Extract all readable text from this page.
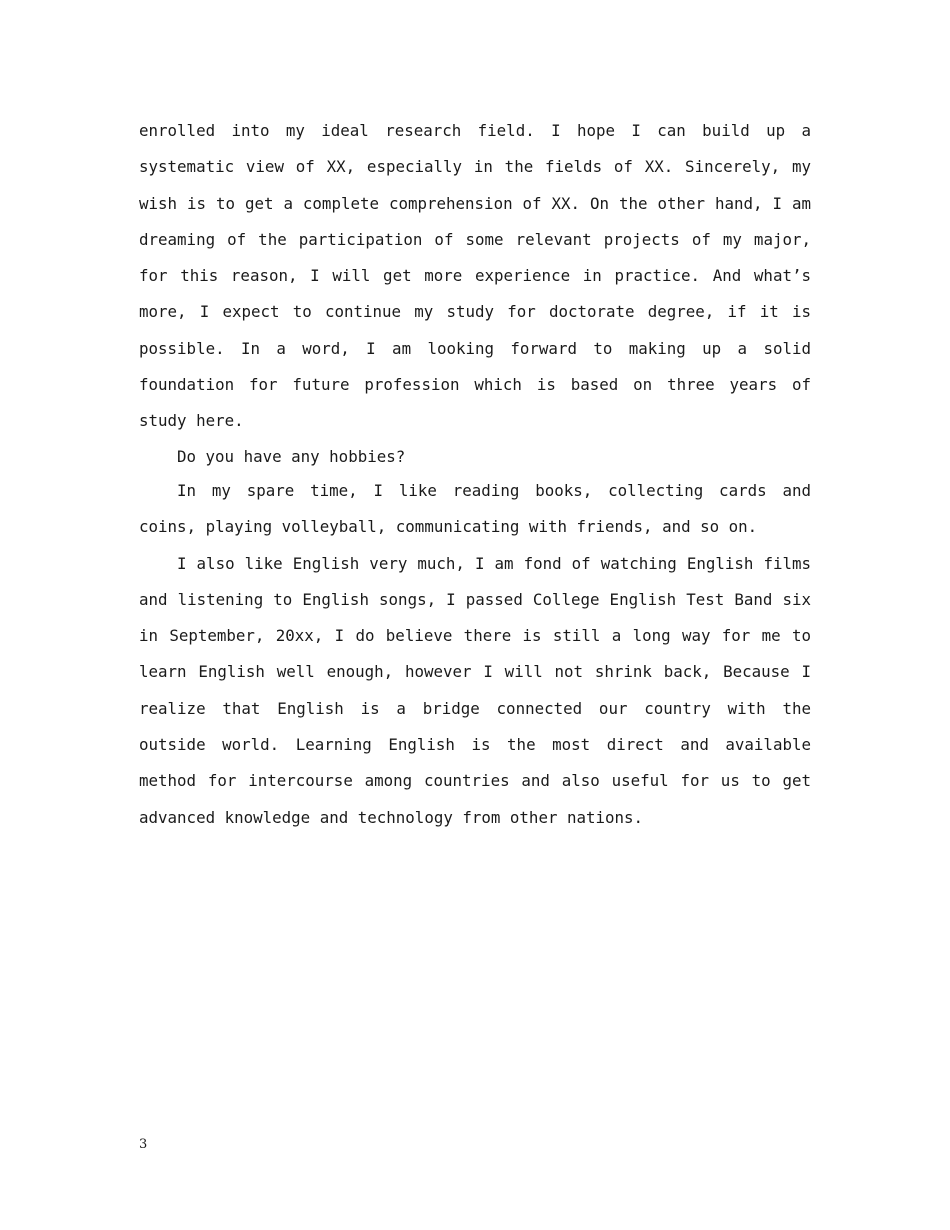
enrolled into my ideal research field. I hope I can build up a systematic view of XX, especially in the fields of XX. Sincerely, my wish is to get a complete comprehension of XX. On the other hand, I am dreaming of the participation of some relevant projects of my major, for this reason, I will get more experience in practice. And what’s more, I expect to continue my study for doctorate degree, if it is possible. In a word, I am looking forward to making up a solid foundation for future profession which is based on three years of study here.

Do you have any hobbies?

In my spare time, I like reading books, collecting cards and coins, playing volleyball, communicating with friends, and so on.

I also like English very much, I am fond of watching English films and listening to English songs, I passed College English Test Band six in September, 20xx, I do believe there is still a long way for me to learn English well enough, however I will not shrink back, Because I realize that English is a bridge connected our country with the outside world. Learning English is the most direct and available method for intercourse among countries and also useful for us to get advanced knowledge and technology from other nations.

3
